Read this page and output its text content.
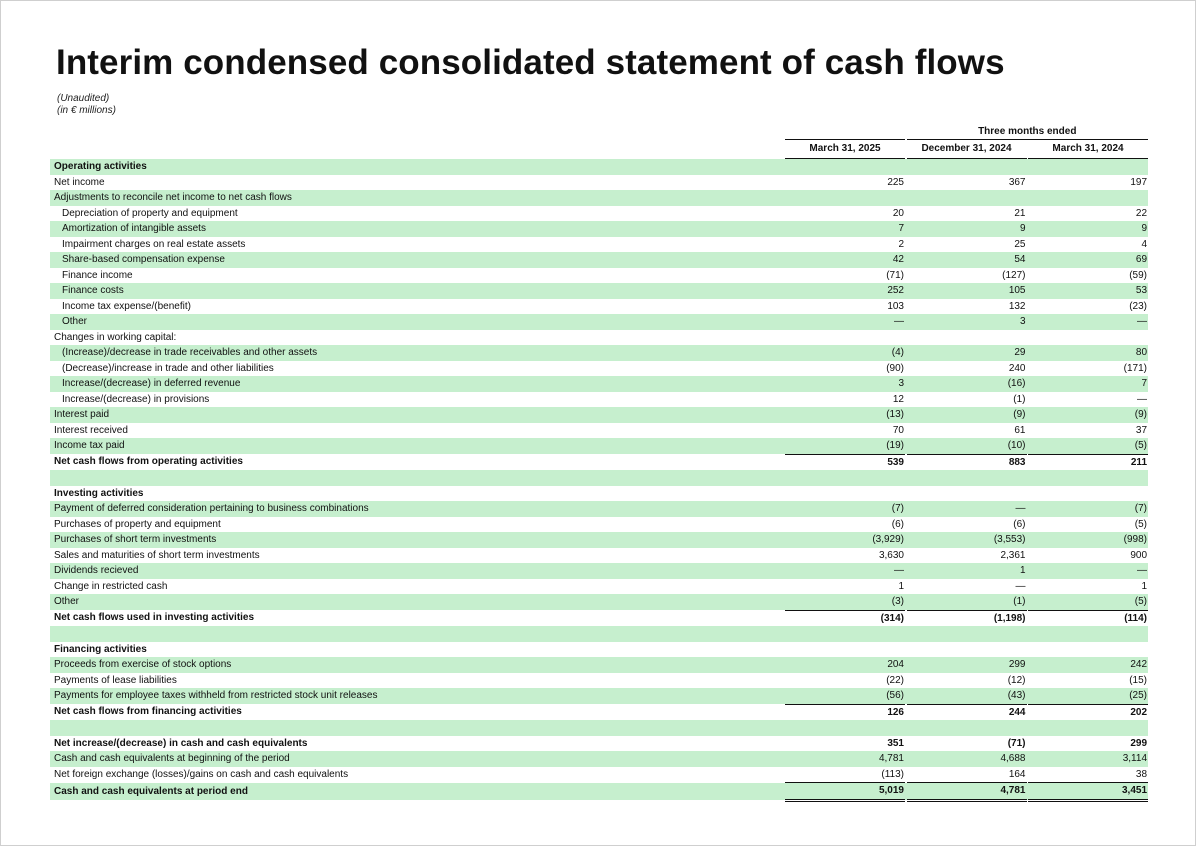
Interim condensed consolidated statement of cash flows
(Unaudited)
(in € millions)
			Three months ended	
	March 31, 2025		December 31, 2024		March 31, 2024
Operating activities					
Net income	225		367		197
Adjustments to reconcile net income to net cash flows					
Depreciation of property and equipment	20		21		22
Amortization of intangible assets	7		9		9
Impairment charges on real estate assets	2		25		4
Share-based compensation expense	42		54		69
Finance income	(71)		(127)		(59)
Finance costs	252		105		53
Income tax expense/(benefit)	103		132		(23)
Other	—		3		—
Changes in working capital:					
(Increase)/decrease in trade receivables and other assets	(4)		29		80
(Decrease)/increase in trade and other liabilities	(90)		240		(171)
Increase/(decrease) in deferred revenue	3		(16)		7
Increase/(decrease) in provisions	12		(1)		—
Interest paid	(13)		(9)		(9)
Interest received	70		61		37
Income tax paid	(19)		(10)		(5)
Net cash flows from operating activities	539		883		211

Investing activities					
Payment of deferred consideration pertaining to business combinations	(7)		—		(7)
Purchases of property and equipment	(6)		(6)		(5)
Purchases of short term investments	(3,929)		(3,553)		(998)
Sales and maturities of short term investments	3,630		2,361		900
Dividends recieved	—		1		—
Change in restricted cash	1		—		1
Other	(3)		(1)		(5)
Net cash flows used in investing activities	(314)		(1,198)		(114)

Financing activities					
Proceeds from exercise of stock options	204		299		242
Payments of lease liabilities	(22)		(12)		(15)
Payments for employee taxes withheld from restricted stock unit releases	(56)		(43)		(25)
Net cash flows from financing activities	126		244		202

Net increase/(decrease) in cash and cash equivalents	351		(71)		299
Cash and cash equivalents at beginning of the period	4,781		4,688		3,114
Net foreign exchange (losses)/gains on cash and cash equivalents	(113)		164		38
Cash and cash equivalents at period end	5,019		4,781		3,451
